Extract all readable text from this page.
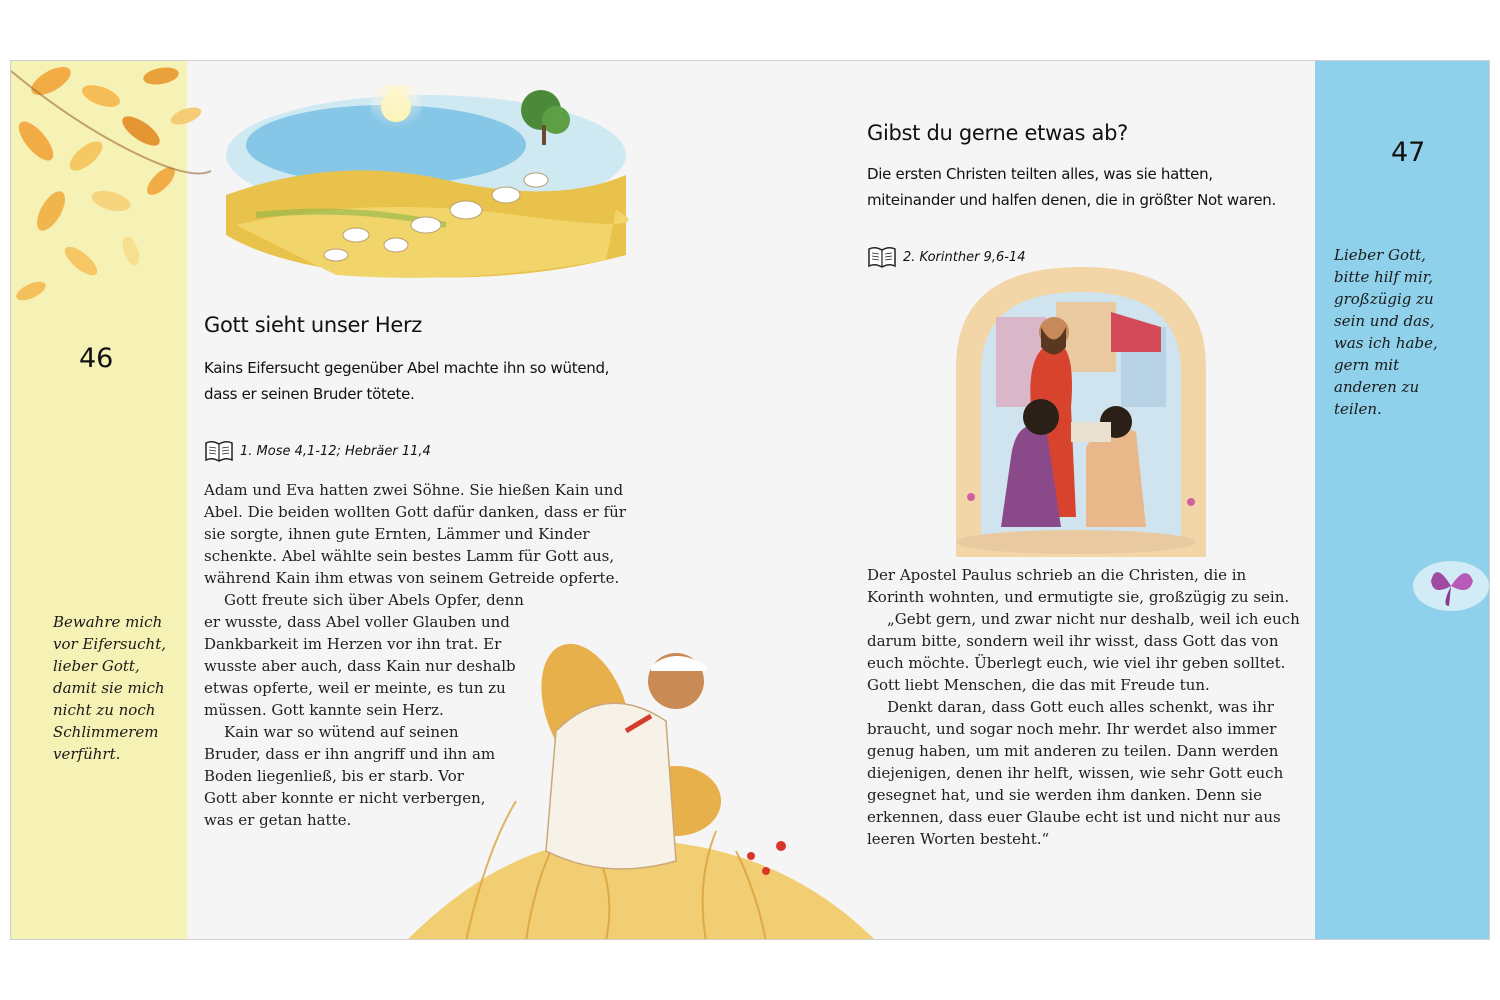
46
Bewahre mich vor Eifersucht, lieber Gott, damit sie mich nicht zu noch Schlimmerem verführt.
Gott sieht unser Herz
Kains Eifersucht gegenüber Abel machte ihn so wütend, dass er seinen Bruder tötete.
1. Mose 4,1-12; Hebräer 11,4

Adam und Eva hatten zwei Söhne. Sie hießen Kain und Abel. Die beiden wollten Gott dafür danken, dass er für sie sorgte, ihnen gute Ernten, Lämmer und Kinder schenkte. Abel wählte sein bestes Lamm für Gott aus, während Kain ihm etwas von seinem Getreide opferte.

Gott freute sich über Abels Opfer, denn er wusste, dass Abel voller Glauben und Dankbarkeit im Herzen vor ihn trat. Er wusste aber auch, dass Kain nur deshalb etwas opferte, weil er meinte, es tun zu müssen. Gott kannte sein Herz.

Kain war so wütend auf seinen Bruder, dass er ihn angriff und ihn am Boden liegenließ, bis er starb. Vor Gott aber konnte er nicht verbergen, was er getan hatte.

47
Lieber Gott, bitte hilf mir, großzügig zu sein und das, was ich habe, gern mit anderen zu teilen.
Gibst du gerne etwas ab?
Die ersten Christen teilten alles, was sie hatten, miteinander und halfen denen, die in größter Not waren.
2. Korinther 9,6-14

Der Apostel Paulus schrieb an die Christen, die in Korinth wohnten, und ermutigte sie, großzügig zu sein.

„Gebt gern, und zwar nicht nur deshalb, weil ich euch darum bitte, sondern weil ihr wisst, dass Gott das von euch möchte. Überlegt euch, wie viel ihr geben solltet. Gott liebt Menschen, die das mit Freude tun.

Denkt daran, dass Gott euch alles schenkt, was ihr braucht, und sogar noch mehr. Ihr werdet also immer genug haben, um mit anderen zu teilen. Dann werden diejenigen, denen ihr helft, wissen, wie sehr Gott euch gesegnet hat, und sie werden ihm danken. Denn sie erkennen, dass euer Glaube echt ist und nicht nur aus leeren Worten besteht.“
